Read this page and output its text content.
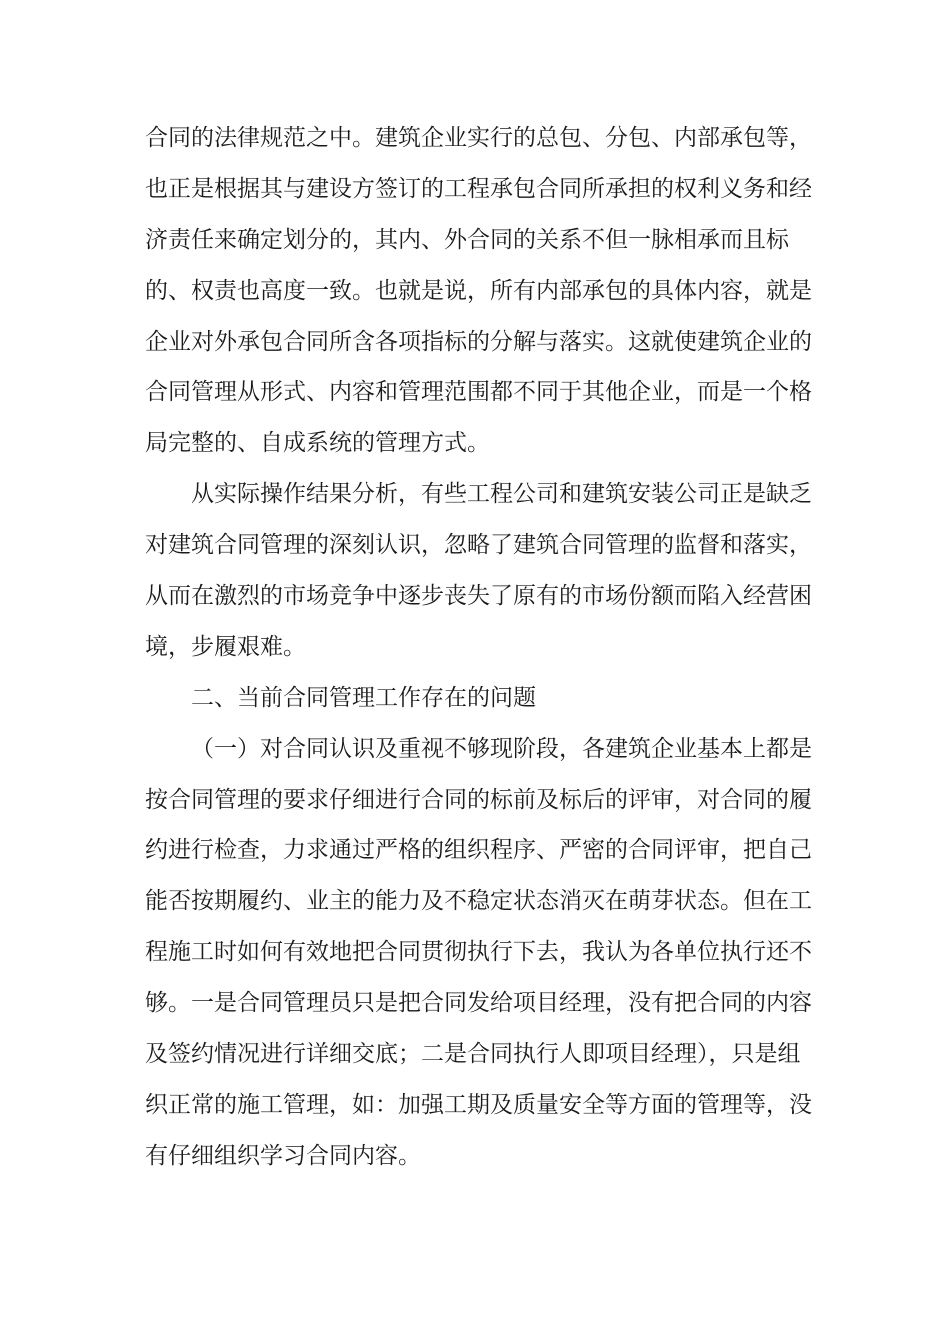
合同的法律规范之中。建筑企业实行的总包、分包、内部承包等，
也正是根据其与建设方签订的工程承包合同所承担的权利义务和经
济责任来确定划分的，其内、外合同的关系不但一脉相承而且标
的、权责也高度一致。也就是说，所有内部承包的具体内容，就是
企业对外承包合同所含各项指标的分解与落实。这就使建筑企业的
合同管理从形式、内容和管理范围都不同于其他企业，而是一个格
局完整的、自成系统的管理方式。
从实际操作结果分析，有些工程公司和建筑安装公司正是缺乏
对建筑合同管理的深刻认识，忽略了建筑合同管理的监督和落实，
从而在激烈的市场竞争中逐步丧失了原有的市场份额而陷入经营困
境，步履艰难。
二、当前合同管理工作存在的问题
（一）对合同认识及重视不够现阶段，各建筑企业基本上都是
按合同管理的要求仔细进行合同的标前及标后的评审，对合同的履
约进行检查，力求通过严格的组织程序、严密的合同评审，把自己
能否按期履约、业主的能力及不稳定状态消灭在萌芽状态。但在工
程施工时如何有效地把合同贯彻执行下去，我认为各单位执行还不
够。一是合同管理员只是把合同发给项目经理，没有把合同的内容
及签约情况进行详细交底；二是合同执行人即项目经理），只是组
织正常的施工管理，如：加强工期及质量安全等方面的管理等，没
有仔细组织学习合同内容。
